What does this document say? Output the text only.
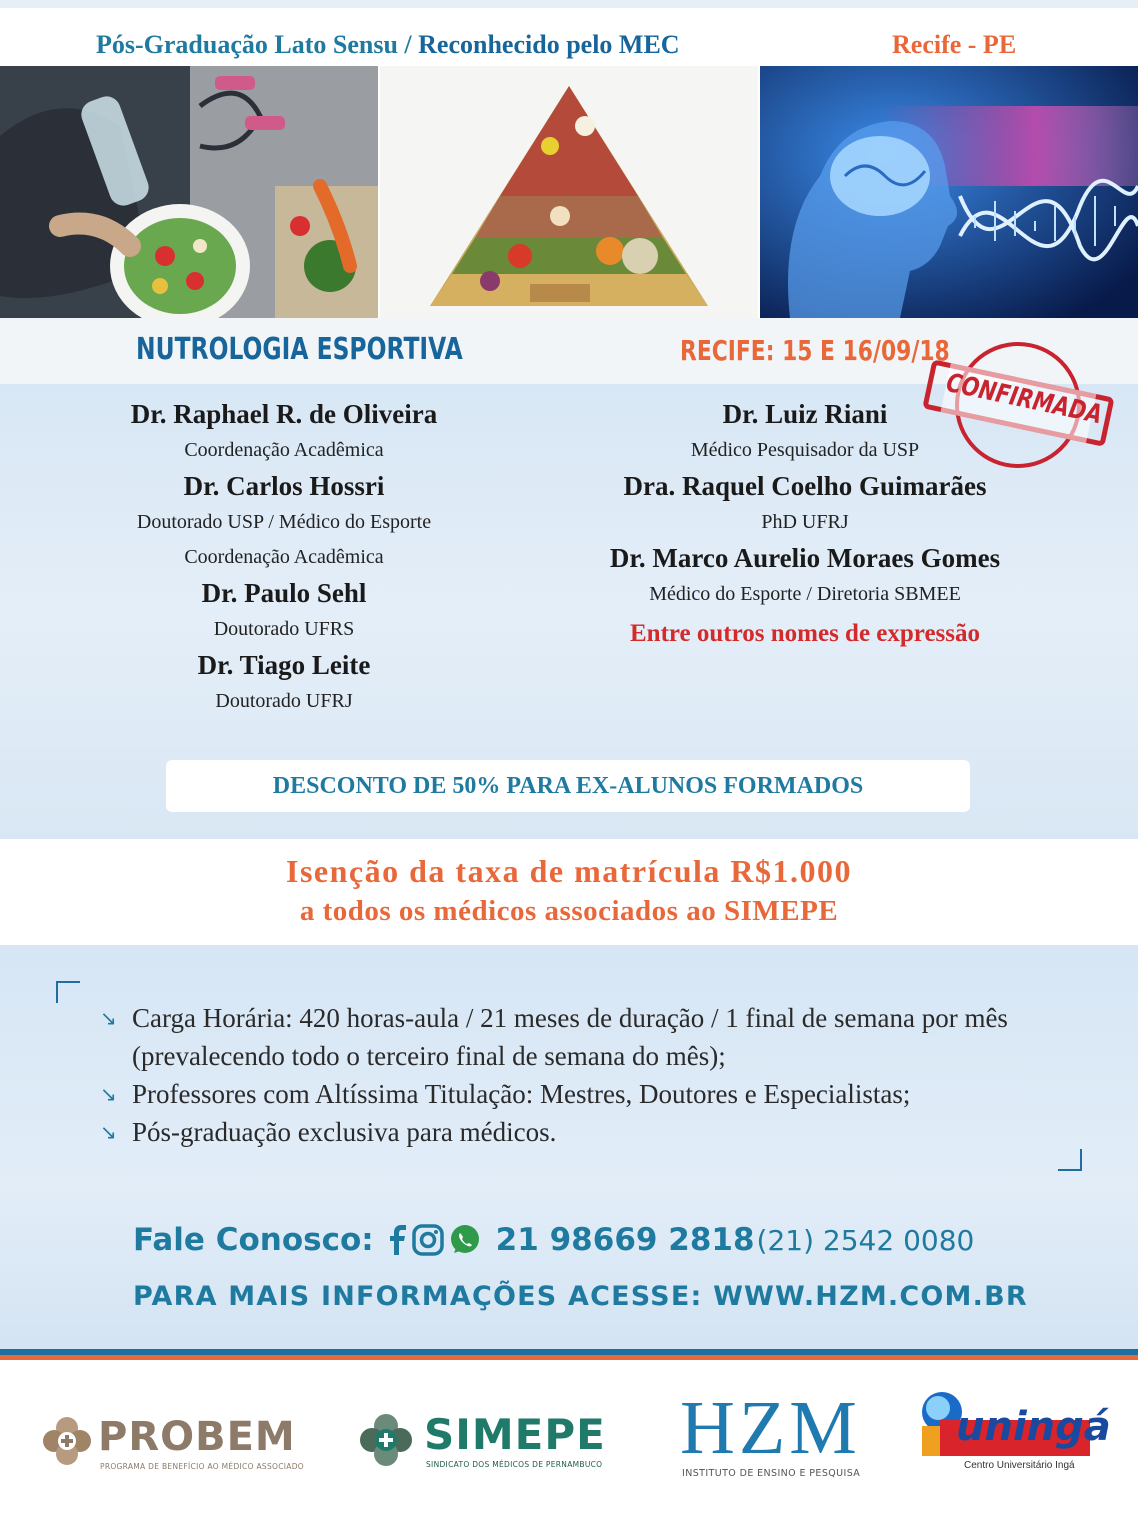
Pós-Graduação Lato Sensu / Reconhecido pelo MEC	Recife - PE
NUTROLOGIA ESPORTIVA	RECIFE: 15 E 16/09/18
Dr. Raphael R. de Oliveira
Coordenação Acadêmica
Dr. Carlos Hossri
Doutorado USP / Médico do Esporte
Coordenação Acadêmica
Dr. Paulo Sehl
Doutorado UFRS
Dr. Tiago Leite
Doutorado UFRJ
Dr. Luiz Riani
Médico Pesquisador da USP
Dra. Raquel Coelho Guimarães
PhD UFRJ
Dr. Marco Aurelio Moraes Gomes
Médico do Esporte / Diretoria SBMEE
Entre outros nomes de expressão
DESCONTO DE 50% PARA EX-ALUNOS FORMADOS
CONFIRMADA
Isenção da taxa de matrícula R$1.000
a todos os médicos associados ao SIMEPE
↘ Carga Horária: 420 horas-aula / 21 meses de duração / 1 final de semana por mês (prevalecendo todo o terceiro final de semana do mês);
↘ Professores com Altíssima Titulação: Mestres, Doutores e Especialistas;
↘ Pós-graduação exclusiva para médicos.
Fale Conosco:	21 98669 2818 (21) 2542 0080
PARA MAIS INFORMAÇÕES ACESSE: WWW.HZM.COM.BR
PROBEM
PROGRAMA DE BENEFÍCIO AO MÉDICO ASSOCIADO
SIMEPE
SINDICATO DOS MÉDICOS DE PERNAMBUCO HZM
INSTITUTO DE ENSINO E PESQUISA
uningá
Centro Universitário Ingá
